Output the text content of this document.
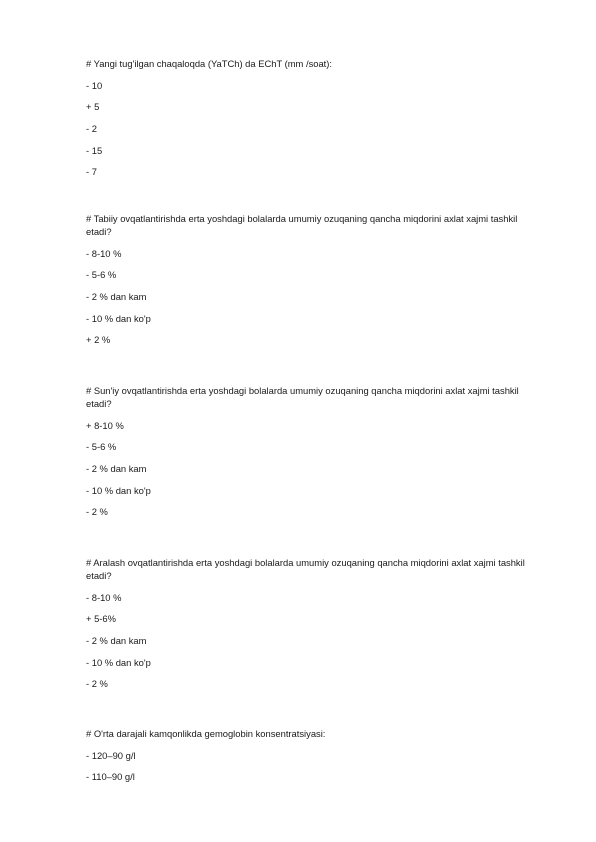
# Yangi tug'ilgan chaqaloqda (YaTCh) da EChT (mm /soat):

- 10
+ 5
- 2
- 15
- 7

# Tabiiy ovqatlantirishda erta yoshdagi bolalarda umumiy ozuqaning qancha miqdorini axlat xajmi tashkil etadi?

- 8-10 %
- 5-6 %
- 2 % dan kam
- 10 % dan ko'p
+ 2 %

# Sun'iy ovqatlantirishda erta yoshdagi bolalarda umumiy ozuqaning qancha miqdorini axlat xajmi tashkil etadi?

+ 8-10 %
- 5-6 %
- 2 % dan kam
- 10 % dan ko'p
- 2 %

# Aralash ovqatlantirishda erta yoshdagi bolalarda umumiy ozuqaning qancha miqdorini axlat xajmi tashkil etadi?

- 8-10 %
+ 5-6%
- 2 % dan kam
- 10 % dan ko'p
- 2 %

# O'rta darajali kamqonlikda gemoglobin konsentratsiyasi:

- 120–90 g/l
- 110–90 g/l
